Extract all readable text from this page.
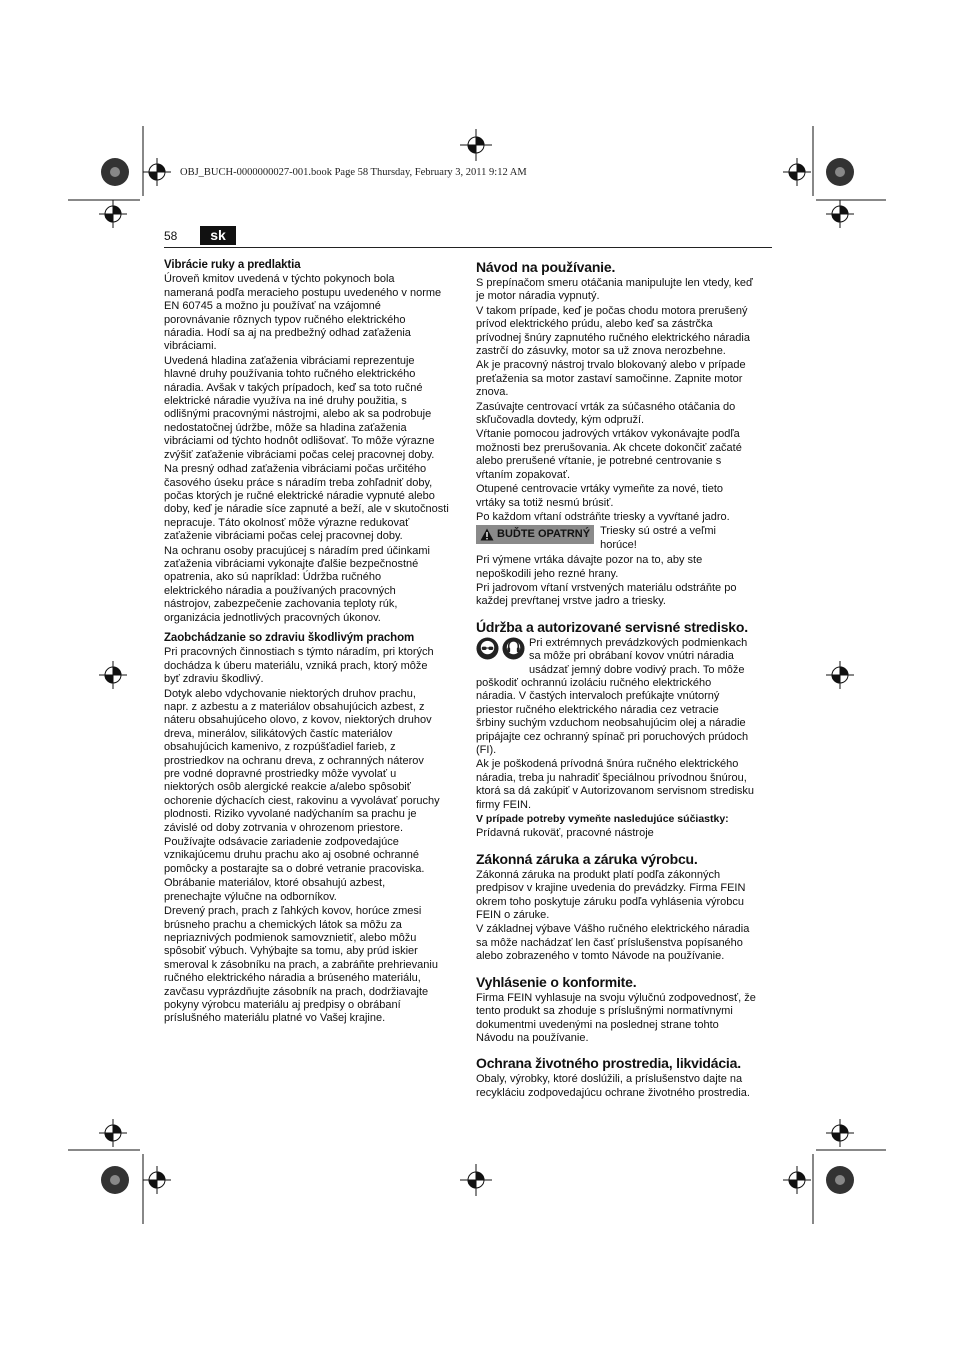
OBJ_BUCH-0000000027-001.book Page 58 Thursday, February 3, 2011 9:12 AM
58	sk

Vibrácie ruky a predlaktia

Úroveň kmitov uvedená v týchto pokynoch bola
nameraná podľa meracieho postupu uvedeného v norme
EN 60745 a možno ju používať na vzájomné
porovnávanie rôznych typov ručného elektrického
náradia. Hodí sa aj na predbežný odhad zaťaženia
vibráciami.

Uvedená hladina zaťaženia vibráciami reprezentuje
hlavné druhy používania tohto ručného elektrického
náradia. Avšak v takých prípadoch, keď sa toto ručné
elektrické náradie využíva na iné druhy použitia, s
odlišnými pracovnými nástrojmi, alebo ak sa podrobuje
nedostatočnej údržbe, môže sa hladina zaťaženia
vibráciami od týchto hodnôt odlišovať. To môže výrazne
zvýšiť zaťaženie vibráciami počas celej pracovnej doby.

Na presný odhad zaťaženia vibráciami počas určitého
časového úseku práce s náradím treba zohľadniť doby,
počas ktorých je ručné elektrické náradie vypnuté alebo
doby, keď je náradie síce zapnuté a beží, ale v skutočnosti
nepracuje. Táto okolnosť môže výrazne redukovať
zaťaženie vibráciami počas celej pracovnej doby.

Na ochranu osoby pracujúcej s náradím pred účinkami
zaťaženia vibráciami vykonajte ďalšie bezpečnostné
opatrenia, ako sú napríklad: Údržba ručného
elektrického náradia a používaných pracovných
nástrojov, zabezpečenie zachovania teploty rúk,
organizácia jednotlivých pracovných úkonov.

Zaobchádzanie so zdraviu škodlivým prachom

Pri pracovných činnostiach s týmto náradím, pri ktorých
dochádza k úberu materiálu, vzniká prach, ktorý môže
byť zdraviu škodlivý.

Dotyk alebo vdychovanie niektorých druhov prachu,
napr. z azbestu a z materiálov obsahujúcich azbest, z
náteru obsahujúceho olovo, z kovov, niektorých druhov
dreva, minerálov, silikátových častíc materiálov
obsahujúcich kamenivo, z rozpúšťadiel farieb, z
prostriedkov na ochranu dreva, z ochranných náterov
pre vodné dopravné prostriedky môže vyvolať u
niektorých osôb alergické reakcie a/alebo spôsobiť
ochorenie dýchacích ciest, rakovinu a vyvolávať poruchy
plodnosti. Riziko vyvolané nadýchaním sa prachu je
závislé od doby zotrvania v ohrozenom priestore.

Používajte odsávacie zariadenie zodpovedajúce
vznikajúcemu druhu prachu ako aj osobné ochranné
pomôcky a postarajte sa o dobré vetranie pracoviska.

Obrábanie materiálov, ktoré obsahujú azbest,
prenechajte výlučne na odborníkov.

Drevený prach, prach z ľahkých kovov, horúce zmesi
brúsneho prachu a chemických látok sa môžu za
nepriaznivých podmienok samovznietiť, alebo môžu
spôsobiť výbuch. Vyhýbajte sa tomu, aby prúd iskier
smeroval k zásobníku na prach, a zabráňte prehrievaniu
ručného elektrického náradia a brúseného materiálu,
zavčasu vyprázdňujte zásobník na prach, dodržiavajte
pokyny výrobcu materiálu aj predpisy o obrábaní
príslušného materiálu platné vo Vašej krajine.

Návod na používanie.

S prepínačom smeru otáčania manipulujte len vtedy, keď
je motor náradia vypnutý.

V takom prípade, keď je počas chodu motora prerušený
prívod elektrického prúdu, alebo keď sa zástrčka
prívodnej šnúry zapnutého ručného elektrického náradia
zastrčí do zásuvky, motor sa už znova nerozbehne.

Ak je pracovný nástroj trvalo blokovaný alebo v prípade
preťaženia sa motor zastaví samočinne. Zapnite motor
znova.

Zasúvajte centrovací vrták za súčasného otáčania do
skľučovadla dovtedy, kým odpruží.

Vŕtanie pomocou jadrových vrtákov vykonávajte podľa
možnosti bez prerušovania. Ak chcete dokončiť začaté
alebo prerušené vŕtanie, je potrebné centrovanie s
vŕtaním zopakovať.

Otupené centrovacie vrtáky vymeňte za nové, tieto
vrtáky sa totiž nesmú brúsiť.

Po každom vŕtaní odstráňte triesky a vyvŕtané jadro.

BUĎTE OPATRNÝ Triesky sú ostré a veľmi
horúce!

Pri výmene vrtáka dávajte pozor na to, aby ste
nepoškodili jeho rezné hrany.

Pri jadrovom vŕtaní vrstvených materiálu odstráňte po
každej prevŕtanej vrstve jadro a triesky.

Údržba a autorizované servisné stredisko.

Pri extrémnych prevádzkových podmienkach
sa môže pri obrábaní kovov vnútri náradia
usádzať jemný dobre vodivý prach. To môže

poškodiť ochrannú izoláciu ručného elektrického
náradia. V častých intervaloch prefúkajte vnútorný
priestor ručného elektrického náradia cez vetracie
šrbiny suchým vzduchom neobsahujúcim olej a náradie
pripájajte cez ochranný spínač pri poruchových prúdoch
(FI).

Ak je poškodená prívodná šnúra ručného elektrického
náradia, treba ju nahradiť špeciálnou prívodnou šnúrou,
ktorá sa dá zakúpiť v Autorizovanom servisnom stredisku
firmy FEIN.

V prípade potreby vymeňte nasledujúce súčiastky:

Prídavná rukoväť, pracovné nástroje

Zákonná záruka a záruka výrobcu.

Zákonná záruka na produkt platí podľa zákonných
predpisov v krajine uvedenia do prevádzky. Firma FEIN
okrem toho poskytuje záruku podľa vyhlásenia výrobcu
FEIN o záruke.

V základnej výbave Vášho ručného elektrického náradia
sa môže nachádzať len časť príslušenstva popísaného
alebo zobrazeného v tomto Návode na používanie.

Vyhlásenie o konformite.

Firma FEIN vyhlasuje na svoju výlučnú zodpovednosť, že
tento produkt sa zhoduje s príslušnými normatívnymi
dokumentmi uvedenými na poslednej strane tohto
Návodu na používanie.

Ochrana životného prostredia, likvidácia.

Obaly, výrobky, ktoré doslúžili, a príslušenstvo dajte na
recykláciu zodpovedajúcu ochrane životného prostredia.
